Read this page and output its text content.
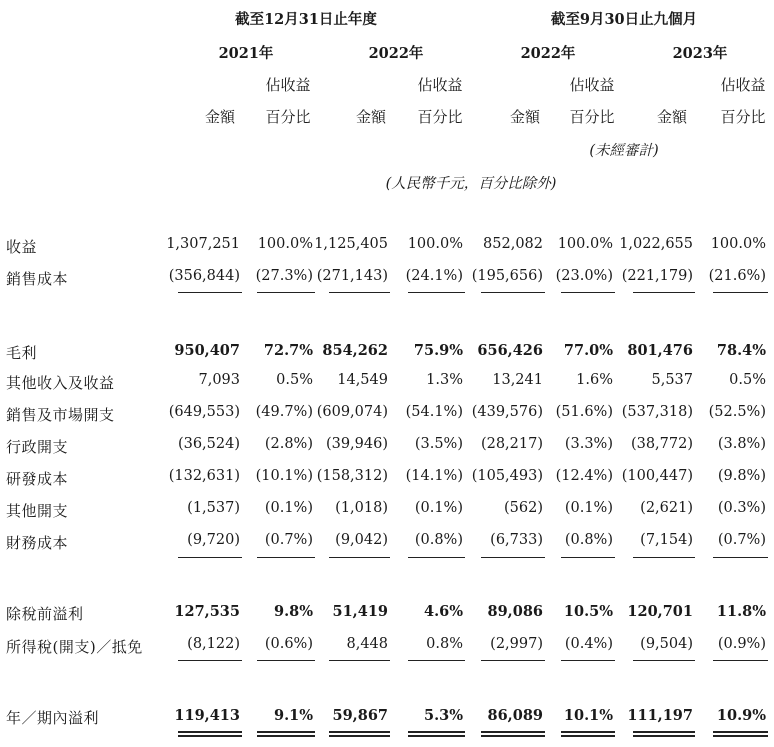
截至12月31日止年度	截至9月30日止九個月
2021年	2022年	2022年	2023年
佔收益	佔收益	佔收益	佔收益
金額 百分比	金額 百分比	金額 百分比	金額 百分比
(未經審計)
(人民幣千元，百分比除外)
收益	1,307,251	100.0% 1,125,405	100.0%	852,082	100.0% 1,022,655	100.0%
銷售成本	(356,844)	(27.3%) (271,143)	(24.1%) (195,656) (23.0%) (221,179)	(21.6%)
毛利	950,407	72.7% 854,262	75.9% 656,426	77.0% 801,476	78.4%
其他收入及收益	7,093	0.5%	14,549	1.3%	13,241	1.6%	5,537	0.5%
銷售及市場開支	(649,553)	(49.7%) (609,074)	(54.1%) (439,576) (51.6%) (537,318)	(52.5%)
行政開支	(36,524)	(2.8%) (39,946)	(3.5%)	(28,217)	(3.3%)	(38,772)	(3.8%)
研發成本	(132,631)	(10.1%) (158,312)	(14.1%) (105,493) (12.4%) (100,447)	(9.8%)
其他開支	(1,537)	(0.1%)	(1,018)	(0.1%)	(562)	(0.1%)	(2,621)	(0.3%)
財務成本	(9,720)	(0.7%)	(9,042)	(0.8%)	(6,733)	(0.8%)	(7,154)	(0.7%)
除稅前溢利	127,535	9.8%	51,419	4.6%	89,086	10.5% 120,701	11.8%
所得稅(開支)／抵免	(8,122)	(0.6%)	8,448	0.8%	(2,997)	(0.4%)	(9,504)	(0.9%)
年／期內溢利	119,413	9.1%	59,867	5.3%	86,089	10.1% 111,197	10.9%
